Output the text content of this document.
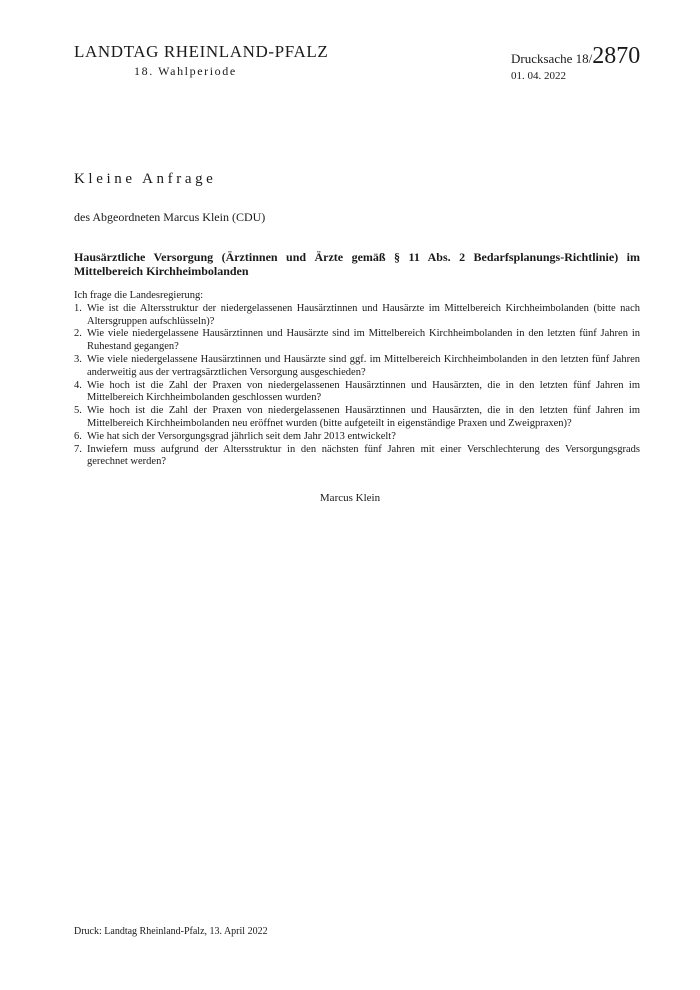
LANDTAG RHEINLAND-PFALZ
18. Wahlperiode
Drucksache 18/2870
01. 04. 2022
Kleine Anfrage
des Abgeordneten Marcus Klein (CDU)
Hausärztliche Versorgung (Ärztinnen und Ärzte gemäß § 11 Abs. 2 Bedarfsplanungs-Richtlinie) im Mittelbereich Kirchheimbolanden
Ich frage die Landesregierung:
1. Wie ist die Altersstruktur der niedergelassenen Hausärztinnen und Hausärzte im Mittelbereich Kirchheimbolanden (bitte nach Altersgruppen aufschlüsseln)?
2. Wie viele niedergelassene Hausärztinnen und Hausärzte sind im Mittelbereich Kirchheimbolanden in den letzten fünf Jahren in Ruhestand gegangen?
3. Wie viele niedergelassene Hausärztinnen und Hausärzte sind ggf. im Mittelbereich Kirchheimbolanden in den letzten fünf Jahren anderweitig aus der vertragsärztlichen Versorgung ausgeschieden?
4. Wie hoch ist die Zahl der Praxen von niedergelassenen Hausärztinnen und Hausärzten, die in den letzten fünf Jahren im Mittelbereich Kirchheimbolanden geschlossen wurden?
5. Wie hoch ist die Zahl der Praxen von niedergelassenen Hausärztinnen und Hausärzten, die in den letzten fünf Jahren im Mittelbereich Kirchheimbolanden neu eröffnet wurden (bitte aufgeteilt in eigenständige Praxen und Zweigpraxen)?
6. Wie hat sich der Versorgungsgrad jährlich seit dem Jahr 2013 entwickelt?
7. Inwiefern muss aufgrund der Altersstruktur in den nächsten fünf Jahren mit einer Verschlechterung des Versorgungsgrads gerechnet werden?
Marcus Klein
Druck: Landtag Rheinland-Pfalz, 13. April 2022
